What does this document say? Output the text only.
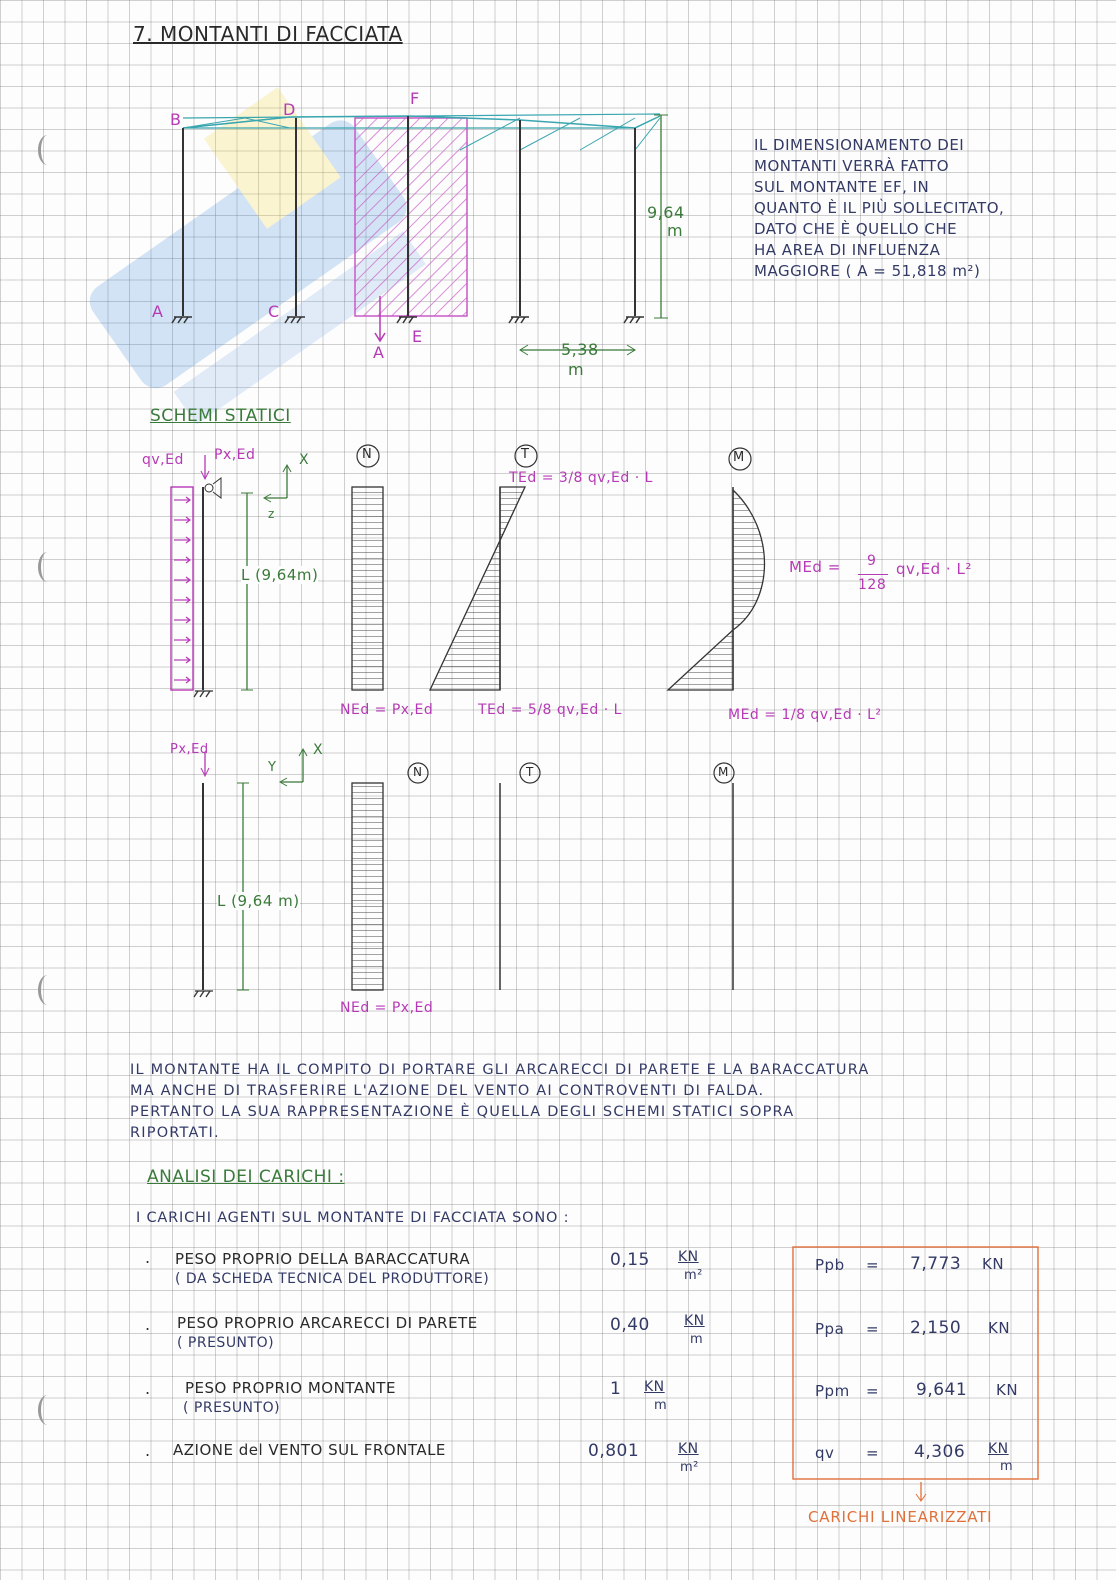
7. MONTANTI DI FACCIATA
B
D
F
A	C
E
A
9,64
m
5,38
m
IL DIMENSIONAMENTO DEI
MONTANTI VERRÀ FATTO
SUL MONTANTE EF, IN
QUANTO È IL PIÙ SOLLECITATO,
DATO CHE È QUELLO CHE
HA AREA DI INFLUENZA
MAGGIORE ( A = 51,818 m²)
SCHEMI STATICI
qv,Ed Px,Ed	X
z
L (9,64m)
N	T	M
TEd = 3/8 qv,Ed · L
TEd = 5/8 qv,Ed · L
NEd = Px,Ed	MEd = 1/8 qv,Ed · L²
MEd = 9
128
qv,Ed · L²
Px,Ed	X
Y
L (9,64 m)
N	T	M
NEd = Px,Ed
IL MONTANTE HA IL COMPITO DI PORTARE GLI ARCARECCI DI PARETE E LA BARACCATURA
MA ANCHE DI TRASFERIRE L'AZIONE DEL VENTO AI CONTROVENTI DI FALDA.
PERTANTO LA SUA RAPPRESENTAZIONE È QUELLA DEGLI SCHEMI STATICI SOPRA
RIPORTATI.
ANALISI DEI CARICHI :
I CARICHI AGENTI SUL MONTANTE DI FACCIATA SONO :
. PESO PROPRIO DELLA BARACCATURA
( DA SCHEDA TECNICA DEL PRODUTTORE)
0,15 KN
m²
. PESO PROPRIO ARCARECCI DI PARETE
( PRESUNTO)
0,40 KN
m
. PESO PROPRIO MONTANTE
( PRESUNTO)
1 KN
m
. AZIONE del VENTO SUL FRONTALE	0,801	KN
m²
Ppb = 7,773 KN
Ppa = 2,150 KN
Ppm = 9,641 KN
qv = 4,306 KN
m
CARICHI LINEARIZZATI
